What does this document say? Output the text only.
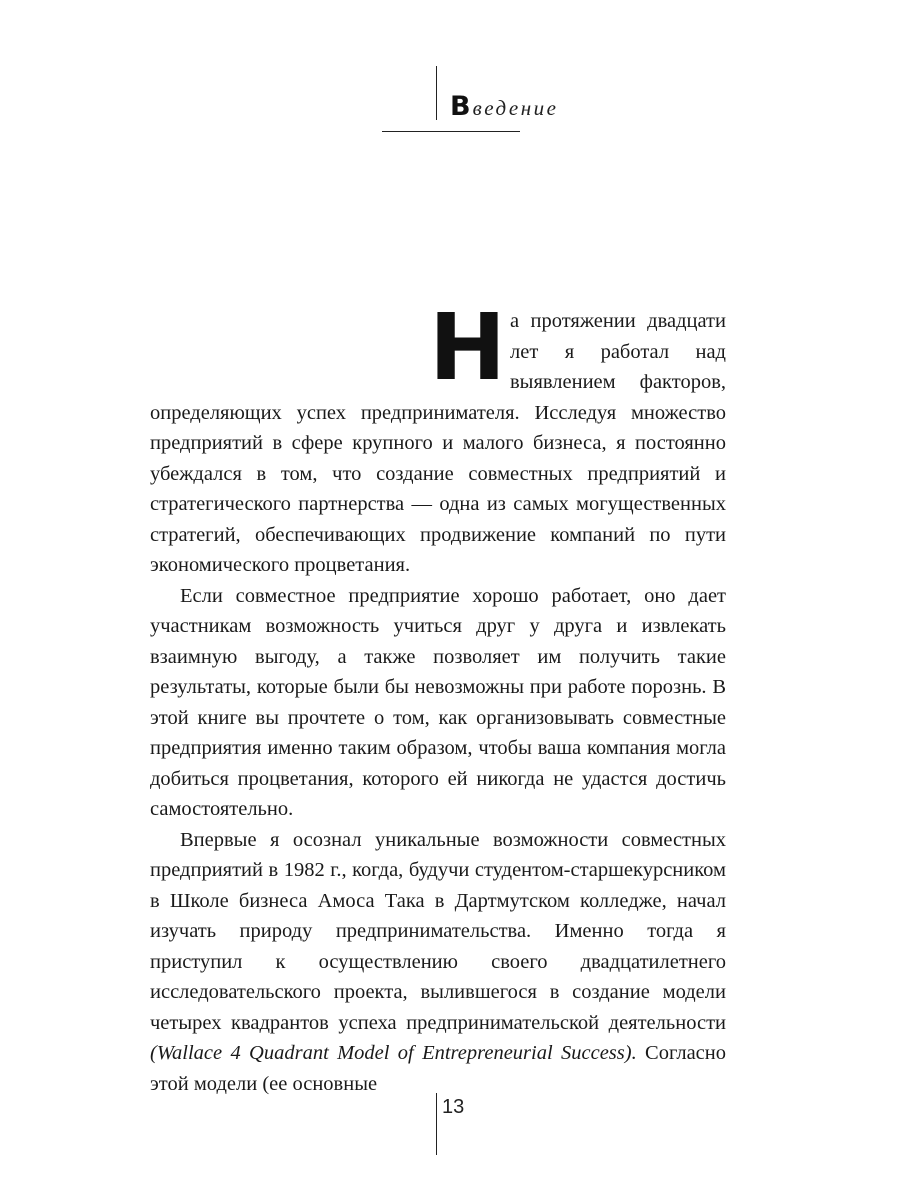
Введение
Н а протяжении двадцати лет я работал над выявлением факторов, определяющих успех предпринимателя. Исследуя множество предприятий в сфере крупного и малого бизнеса, я постоянно убеждался в том, что создание совместных предприятий и стратегического партнерства — одна из самых могущественных стратегий, обеспечивающих продвижение компаний по пути экономического процветания.

Если совместное предприятие хорошо работает, оно дает участникам возможность учиться друг у друга и извлекать взаимную выгоду, а также позволяет им получить такие результаты, которые были бы невозможны при работе порознь. В этой книге вы прочтете о том, как организовывать совместные предприятия именно таким образом, чтобы ваша компания могла добиться процветания, которого ей никогда не удастся достичь самостоятельно.

Впервые я осознал уникальные возможности совместных предприятий в 1982 г., когда, будучи студентом-старшекурсником в Школе бизнеса Амоса Така в Дартмутском колледже, начал изучать природу предпринимательства. Именно тогда я приступил к осуществлению своего двадцатилетнего исследовательского проекта, вылившегося в создание модели четырех квадрантов успеха предпринимательской деятельности (Wallace 4 Quadrant Model of Entrepreneurial Success). Согласно этой модели (ее основные

13
